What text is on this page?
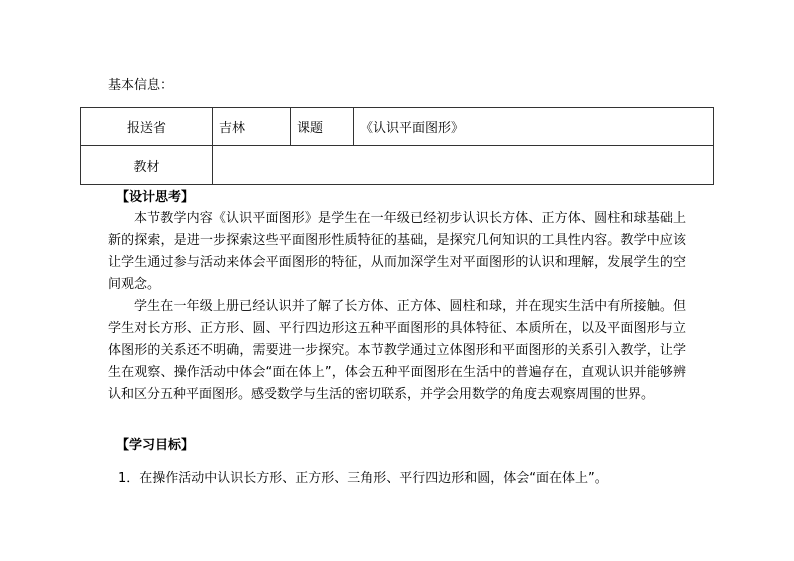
基本信息：
报送省	吉林	课题	《认识平面图形》
教材			
【设计思考】

本节教学内容《认识平面图形》是学生在一年级已经初步认识长方体、正方体、圆柱和球基础上新的探索，是进一步探索这些平面图形性质特征的基础，是探究几何知识的工具性内容。教学中应该让学生通过参与活动来体会平面图形的特征，从而加深学生对平面图形的认识和理解，发展学生的空间观念。

学生在一年级上册已经认识并了解了长方体、正方体、圆柱和球，并在现实生活中有所接触。但学生对长方形、正方形、圆、平行四边形这五种平面图形的具体特征、本质所在，以及平面图形与立体图形的关系还不明确，需要进一步探究。本节教学通过立体图形和平面图形的关系引入教学，让学生在观察、操作活动中体会“面在体上”，体会五种平面图形在生活中的普遍存在，直观认识并能够辨认和区分五种平面图形。感受数学与生活的密切联系，并学会用数学的角度去观察周围的世界。

【学习目标】
1．在操作活动中认识长方形、正方形、三角形、平行四边形和圆，体会“面在体上”。
